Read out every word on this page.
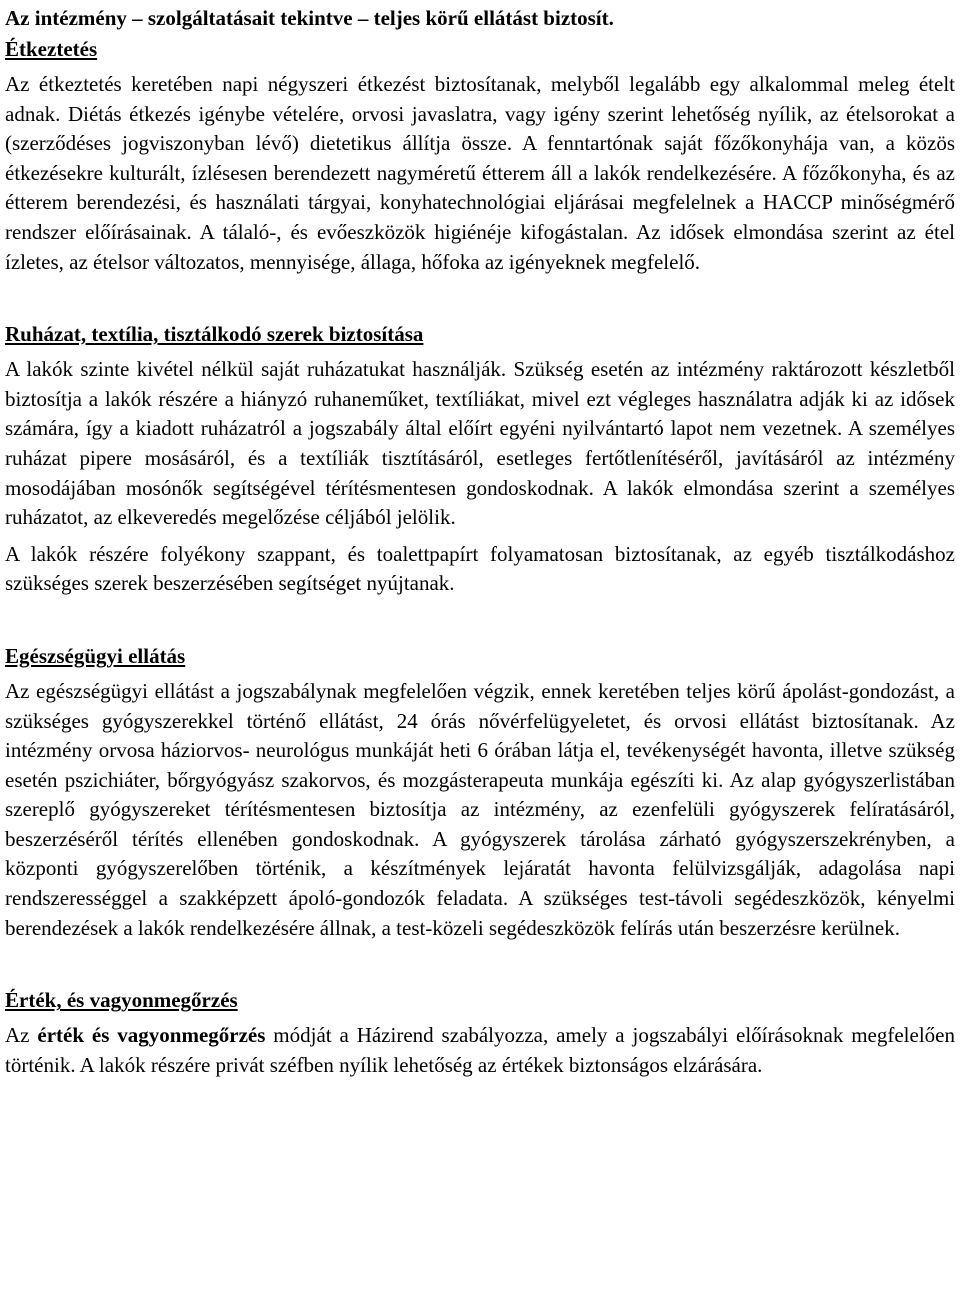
Az intézmény – szolgáltatásait tekintve – teljes körű ellátást biztosít.

Étkeztetés

Az étkeztetés keretében napi négyszeri étkezést biztosítanak, melyből legalább egy alkalommal meleg ételt adnak. Diétás étkezés igénybe vételére, orvosi javaslatra, vagy igény szerint lehetőség nyílik, az ételsorokat a (szerződéses jogviszonyban lévő) dietetikus állítja össze. A fenntartónak saját főzőkonyhája van, a közös étkezésekre kulturált, ízlésesen berendezett nagyméretű étterem áll a lakók rendelkezésére. A főzőkonyha, és az étterem berendezési, és használati tárgyai, konyhatechnológiai eljárásai megfelelnek a HACCP minőségmérő rendszer előírásainak. A tálaló-, és evőeszközök higiénéje kifogástalan. Az idősek elmondása szerint az étel ízletes, az ételsor változatos, mennyisége, állaga, hőfoka az igényeknek megfelelő.

Ruházat, textília, tisztálkodó szerek biztosítása

A lakók szinte kivétel nélkül saját ruházatukat használják. Szükség esetén az intézmény raktározott készletből biztosítja a lakók részére a hiányzó ruhaneműket, textíliákat, mivel ezt végleges használatra adják ki az idősek számára, így a kiadott ruházatról a jogszabály által előírt egyéni nyilvántartó lapot nem vezetnek. A személyes ruházat pipere mosásáról, és a textíliák tisztításáról, esetleges fertőtlenítéséről, javításáról az intézmény mosodájában mosónők segítségével térítésmentesen gondoskodnak. A lakók elmondása szerint a személyes ruházatot, az elkeveredés megelőzése céljából jelölik.

A lakók részére folyékony szappant, és toalettpapírt folyamatosan biztosítanak, az egyéb tisztálkodáshoz szükséges szerek beszerzésében segítséget nyújtanak.

Egészségügyi ellátás

Az egészségügyi ellátást a jogszabálynak megfelelően végzik, ennek keretében teljes körű ápolást-gondozást, a szükséges gyógyszerekkel történő ellátást, 24 órás nővérfelügyeletet, és orvosi ellátást biztosítanak. Az intézmény orvosa háziorvos- neurológus munkáját heti 6 órában látja el, tevékenységét havonta, illetve szükség esetén pszichiáter, bőrgyógyász szakorvos, és mozgásterapeuta munkája egészíti ki. Az alap gyógyszerlistában szereplő gyógyszereket térítésmentesen biztosítja az intézmény, az ezenfelüli gyógyszerek felíratásáról, beszerzéséről térítés ellenében gondoskodnak. A gyógyszerek tárolása zárható gyógyszerszekrényben, a központi gyógyszerelőben történik, a készítmények lejáratát havonta felülvizsgálják, adagolása napi rendszerességgel a szakképzett ápoló-gondozók feladata. A szükséges test-távoli segédeszközök, kényelmi berendezések a lakók rendelkezésére állnak, a test-közeli segédeszközök felírás után beszerzésre kerülnek.

Érték, és vagyonmegőrzés

Az érték és vagyonmegőrzés módját a Házirend szabályozza, amely a jogszabályi előírásoknak megfelelően történik. A lakók részére privát széfben nyílik lehetőség az értékek biztonságos elzárására.
